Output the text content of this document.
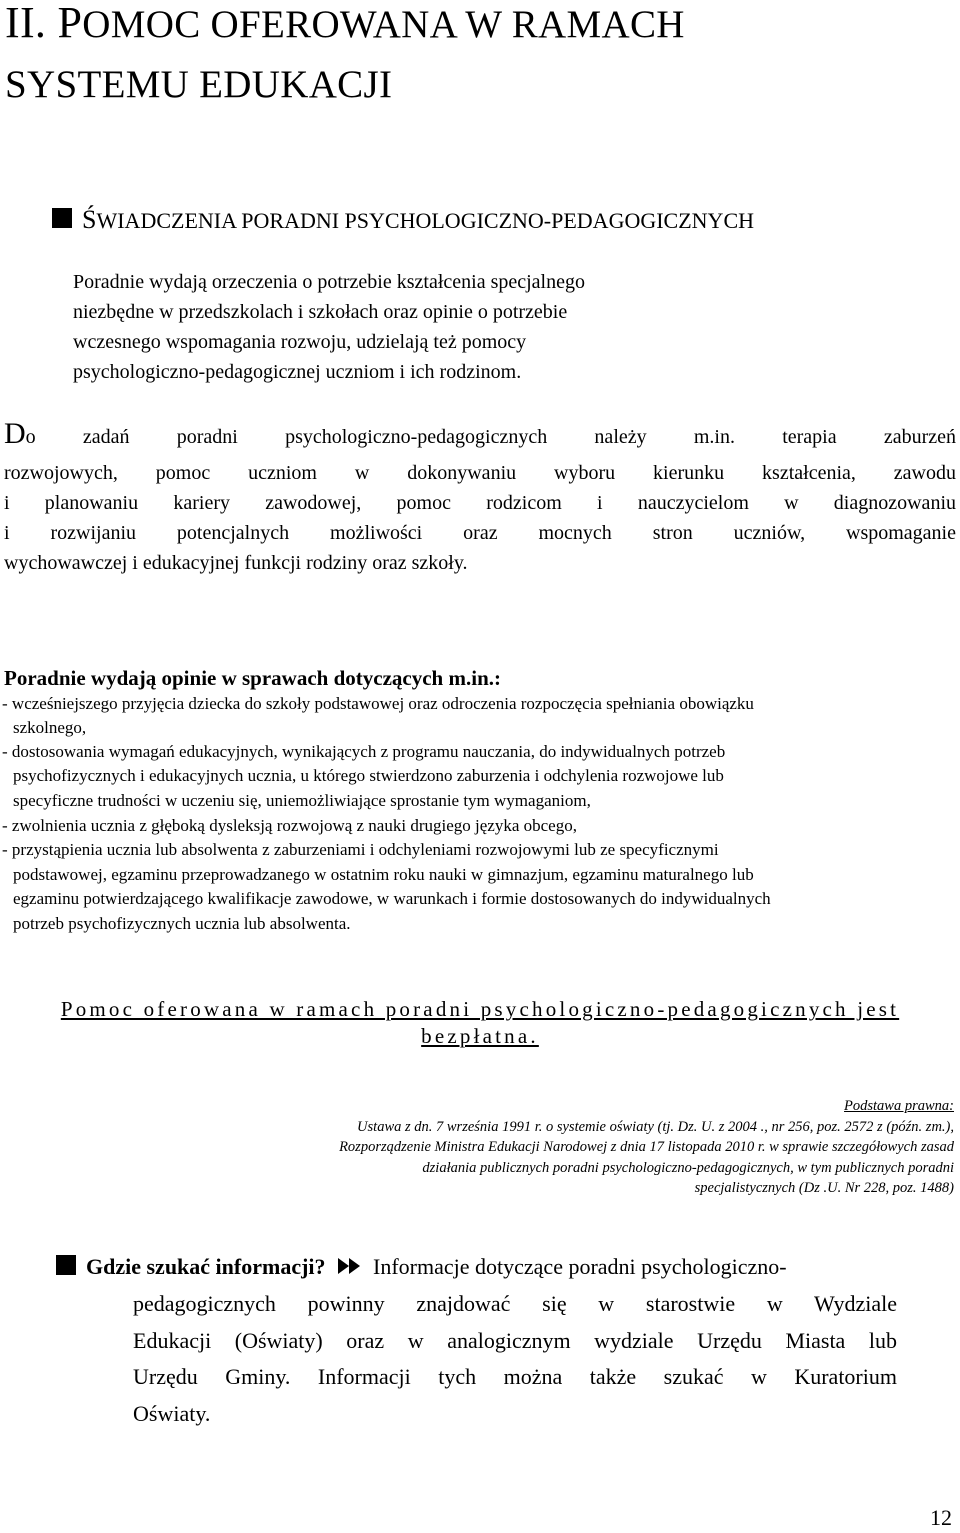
II. POMOC OFEROWANA W RAMACH
SYSTEMU EDUKACJI
ŚWIADCZENIA PORADNI PSYCHOLOGICZNO-PEDAGOGICZNYCH
Poradnie wydają orzeczenia o potrzebie kształcenia specjalnego
niezbędne w przedszkolach i szkołach oraz opinie o potrzebie
wczesnego wspomagania rozwoju, udzielają też pomocy
psychologiczno-pedagogicznej uczniom i ich rodzinom.
Do zadań poradni psychologiczno-pedagogicznych należy m.in. terapia zaburzeń
rozwojowych, pomoc uczniom w dokonywaniu wyboru kierunku kształcenia, zawodu
i planowaniu kariery zawodowej, pomoc rodzicom i nauczycielom w diagnozowaniu
i rozwijaniu potencjalnych możliwości oraz mocnych stron uczniów, wspomaganie
wychowawczej i edukacyjnej funkcji rodziny oraz szkoły.
Poradnie wydają opinie w sprawach dotyczących m.in.:
- wcześniejszego przyjęcia dziecka do szkoły podstawowej oraz odroczenia rozpoczęcia spełniania obowiązku
szkolnego,
- dostosowania wymagań edukacyjnych, wynikających z programu nauczania, do indywidualnych potrzeb
psychofizycznych i edukacyjnych ucznia, u którego stwierdzono zaburzenia i odchylenia rozwojowe lub
specyficzne trudności w uczeniu się, uniemożliwiające sprostanie tym wymaganiom,
- zwolnienia ucznia z głęboką dysleksją rozwojową z nauki drugiego języka obcego,
- przystąpienia ucznia lub absolwenta z zaburzeniami i odchyleniami rozwojowymi lub ze specyficznymi
podstawowej, egzaminu przeprowadzanego w ostatnim roku nauki w gimnazjum, egzaminu maturalnego lub
egzaminu potwierdzającego kwalifikacje zawodowe, w warunkach i formie dostosowanych do indywidualnych
potrzeb psychofizycznych ucznia lub absolwenta.
Pomoc oferowana w ramach poradni psychologiczno-pedagogicznych jest
bezpłatna.
Podstawa prawna:
Ustawa z dn. 7 września 1991 r. o systemie oświaty (tj. Dz. U. z 2004 ., nr 256, poz. 2572 z (późn. zm.),
Rozporządzenie Ministra Edukacji Narodowej z dnia 17 listopada 2010 r. w sprawie szczegółowych zasad
działania publicznych poradni psychologiczno-pedagogicznych, w tym publicznych poradni
specjalistycznych (Dz .U. Nr 228, poz. 1488)
Gdzie szukać informacji? Informacje dotyczące poradni psychologiczno-
pedagogicznych powinny znajdować się w starostwie w Wydziale
Edukacji (Oświaty) oraz w analogicznym wydziale Urzędu Miasta lub
Urzędu Gminy. Informacji tych można także szukać w Kuratorium
Oświaty.
12
